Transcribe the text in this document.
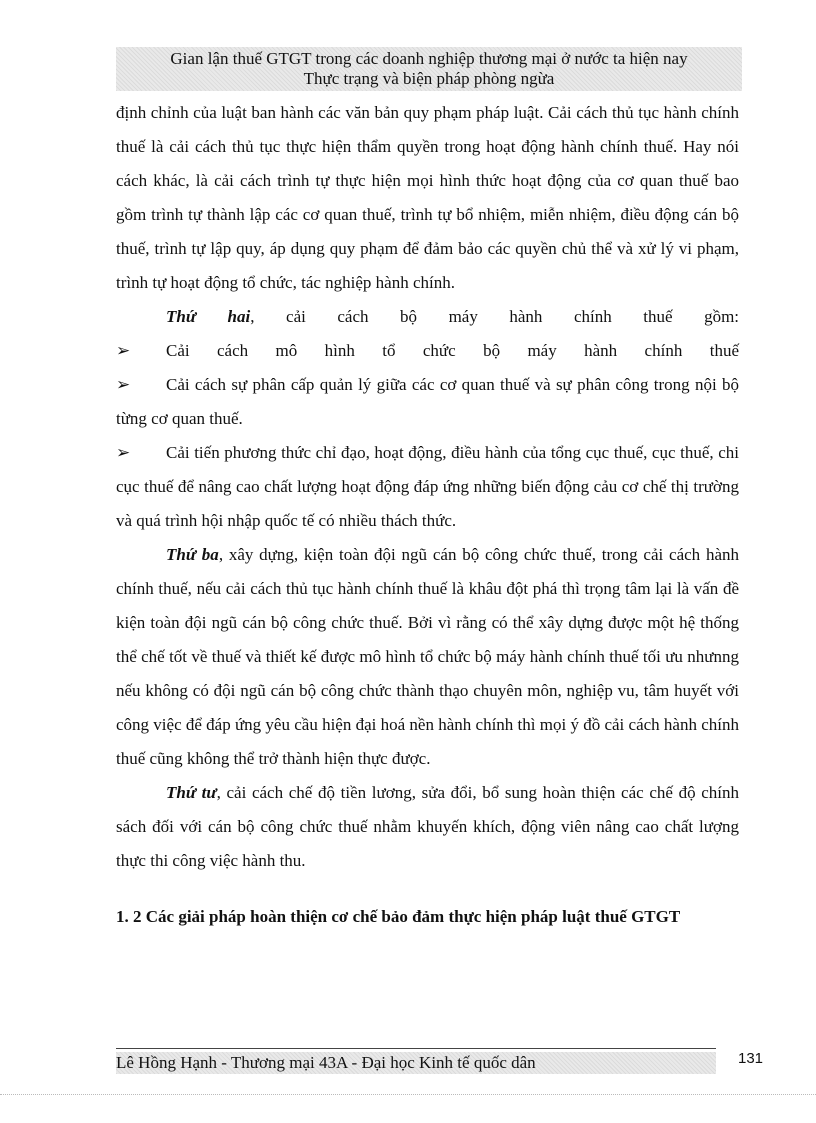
Gian lận thuế GTGT trong các doanh nghiệp thương mại ở nước ta hiện nay
Thực trạng và biện pháp phòng ngừa

định chỉnh của luật ban hành các văn bản quy phạm pháp luật. Cải cách thủ tục hành chính thuế là cải cách thủ tục thực hiện thẩm quyền trong hoạt động hành chính thuế. Hay nói cách khác, là cải cách trình tự thực hiện mọi hình thức hoạt động của cơ quan thuế bao gồm trình tự thành lập các cơ quan thuế, trình tự bổ nhiệm, miễn nhiệm, điều động cán bộ thuế, trình tự lập quy, áp dụng quy phạm để đảm bảo các quyền chủ thể và xử lý vi phạm, trình tự hoạt động tổ chức, tác nghiệp hành chính.

Thứ hai, cải cách bộ máy hành chính thuế gồm:

➢	Cải cách mô hình tổ chức bộ máy hành chính thuế
➢ Cải cách sự phân cấp quản lý giữa các cơ quan thuế và sự phân công trong nội bộ từng cơ quan thuế.
➢ Cải tiến phương thức chỉ đạo, hoạt động, điều hành của tổng cục thuế, cục thuế, chi cục thuế để nâng cao chất lượng hoạt động đáp ứng những biến động cảu cơ chế thị trường và quá trình hội nhập quốc tế có nhiều thách thức.

Thứ ba, xây dựng, kiện toàn đội ngũ cán bộ công chức thuế, trong cải cách hành chính thuế, nếu cải cách thủ tục hành chính thuế là khâu đột phá thì trọng tâm lại là vấn đề kiện toàn đội ngũ cán bộ công chức thuế. Bởi vì rằng có thể xây dựng được một hệ thống thể chế tốt về thuế và thiết kế được mô hình tổ chức bộ máy hành chính thuế tối ưu nhưnng nếu không có đội ngũ cán bộ công chức thành thạo chuyên môn, nghiệp vu, tâm huyết với công việc để đáp ứng yêu cầu hiện đại hoá nền hành chính thì mọi ý đồ cải cách hành chính thuế cũng không thể trở thành hiện thực được.

Thứ tư, cải cách chế độ tiền lương, sửa đổi, bổ sung hoàn thiện các chế độ chính sách đối với cán bộ công chức thuế nhằm khuyến khích, động viên nâng cao chất lượng thực thi công việc hành thu.

1. 2 Các giải pháp hoàn thiện cơ chế bảo đảm thực hiện pháp luật thuế GTGT

Lê Hồng Hạnh - Thương mại 43A - Đại học Kinh tế quốc dân	131
